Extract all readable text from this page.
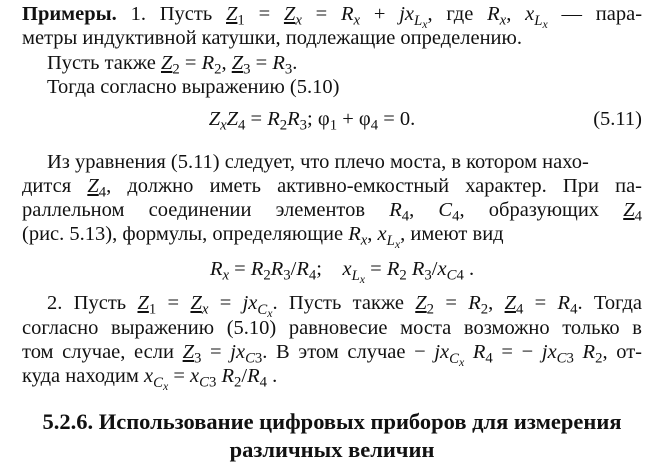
Примеры. 1. Пусть $Z_1 = Z_x = R_x + jx_{L_x}$, где $R_x$, $x_{L_x}$ — пара-
метры индуктивной катушки, подлежащие определению.
Пусть также $Z_2 = R_2$, $Z_3 = R_3$.
Тогда согласно выражению (5.10)
$Z_xZ_4 = R_2R_3$; $\varphi_1 + \varphi_4 = 0$.	(5.11)
Из уравнения (5.11) следует, что плечо моста, в котором нахо-
дится $Z_4$, должно иметь активно-емкостный характер. При па-
раллельном соединении элементов $R_4$, $C_4$, образующих $Z_4$
(рис. 5.13), формулы, определяющие $R_x$, $x_{L_x}$, имеют вид
$R_x = R_2R_3/R_4$;    $x_{L_x} = R_2$ $R_3/x_{C4}$ .
2. Пусть $Z_1 = Z_x = jx_{C_x}$. Пусть также $Z_2 = R_2$, $Z_4 = R_4$. Тогда
согласно выражению (5.10) равновесие моста возможно только в
том случае, если $Z_3 = jx_{C3}$. В этом случае − $jx_{C_x}$ $R_4$ = − $jx_{C3}$ $R_2$, от-
куда находим $x_{C_x} = x_{C3}$ $R_2/R_4$ .
5.2.6. Использование цифровых приборов для измерения
различных величин
